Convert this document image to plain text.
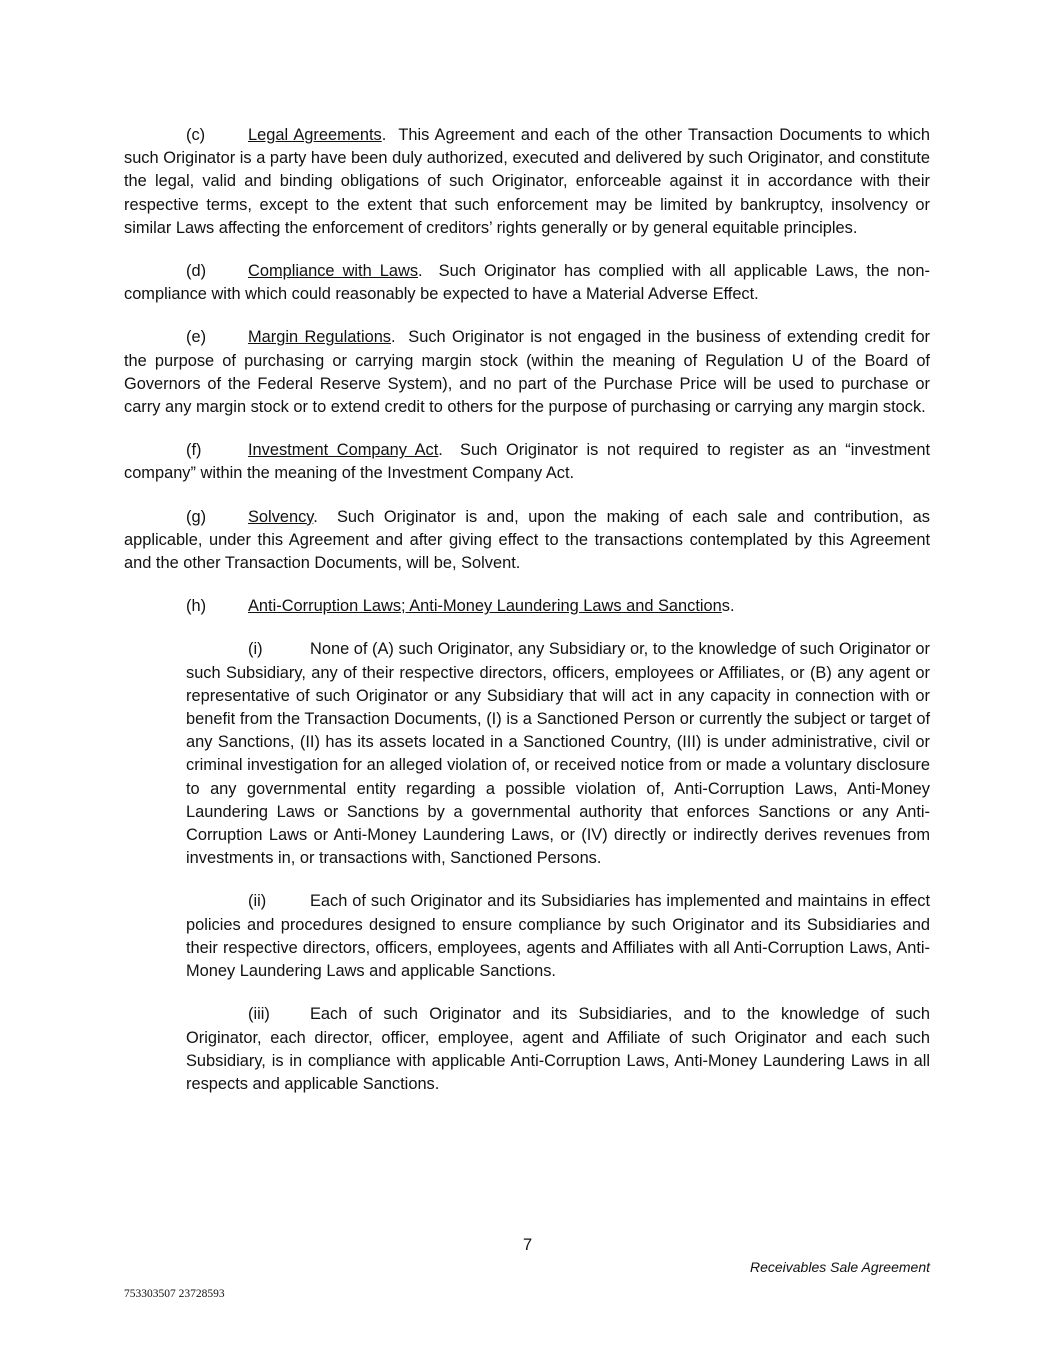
(c)	Legal Agreements. This Agreement and each of the other Transaction Documents to which such Originator is a party have been duly authorized, executed and delivered by such Originator, and constitute the legal, valid and binding obligations of such Originator, enforceable against it in accordance with their respective terms, except to the extent that such enforcement may be limited by bankruptcy, insolvency or similar Laws affecting the enforcement of creditors’ rights generally or by general equitable principles.

(d)	Compliance with Laws. Such Originator has complied with all applicable Laws, the non-compliance with which could reasonably be expected to have a Material Adverse Effect.

(e)	Margin Regulations. Such Originator is not engaged in the business of extending credit for the purpose of purchasing or carrying margin stock (within the meaning of Regulation U of the Board of Governors of the Federal Reserve System), and no part of the Purchase Price will be used to purchase or carry any margin stock or to extend credit to others for the purpose of purchasing or carrying any margin stock.

(f)	Investment Company Act. Such Originator is not required to register as an “investment company” within the meaning of the Investment Company Act.

(g)	Solvency. Such Originator is and, upon the making of each sale and contribution, as applicable, under this Agreement and after giving effect to the transactions contemplated by this Agreement and the other Transaction Documents, will be, Solvent.

(h)	Anti-Corruption Laws; Anti-Money Laundering Laws and Sanctions.

(i)	None of (A) such Originator, any Subsidiary or, to the knowledge of such Originator or such Subsidiary, any of their respective directors, officers, employees or Affiliates, or (B) any agent or representative of such Originator or any Subsidiary that will act in any capacity in connection with or benefit from the Transaction Documents, (I) is a Sanctioned Person or currently the subject or target of any Sanctions, (II) has its assets located in a Sanctioned Country, (III) is under administrative, civil or criminal investigation for an alleged violation of, or received notice from or made a voluntary disclosure to any governmental entity regarding a possible violation of, Anti-Corruption Laws, Anti-Money Laundering Laws or Sanctions by a governmental authority that enforces Sanctions or any Anti-Corruption Laws or Anti-Money Laundering Laws, or (IV) directly or indirectly derives revenues from investments in, or transactions with, Sanctioned Persons.

(ii)	Each of such Originator and its Subsidiaries has implemented and maintains in effect policies and procedures designed to ensure compliance by such Originator and its Subsidiaries and their respective directors, officers, employees, agents and Affiliates with all Anti-Corruption Laws, Anti-Money Laundering Laws and applicable Sanctions.

(iii) Each of such Originator and its Subsidiaries, and to the knowledge of such Originator, each director, officer, employee, agent and Affiliate of such Originator and each such Subsidiary, is in compliance with applicable Anti-Corruption Laws, Anti-Money Laundering Laws in all respects and applicable Sanctions.

7
Receivables Sale Agreement
753303507 23728593
